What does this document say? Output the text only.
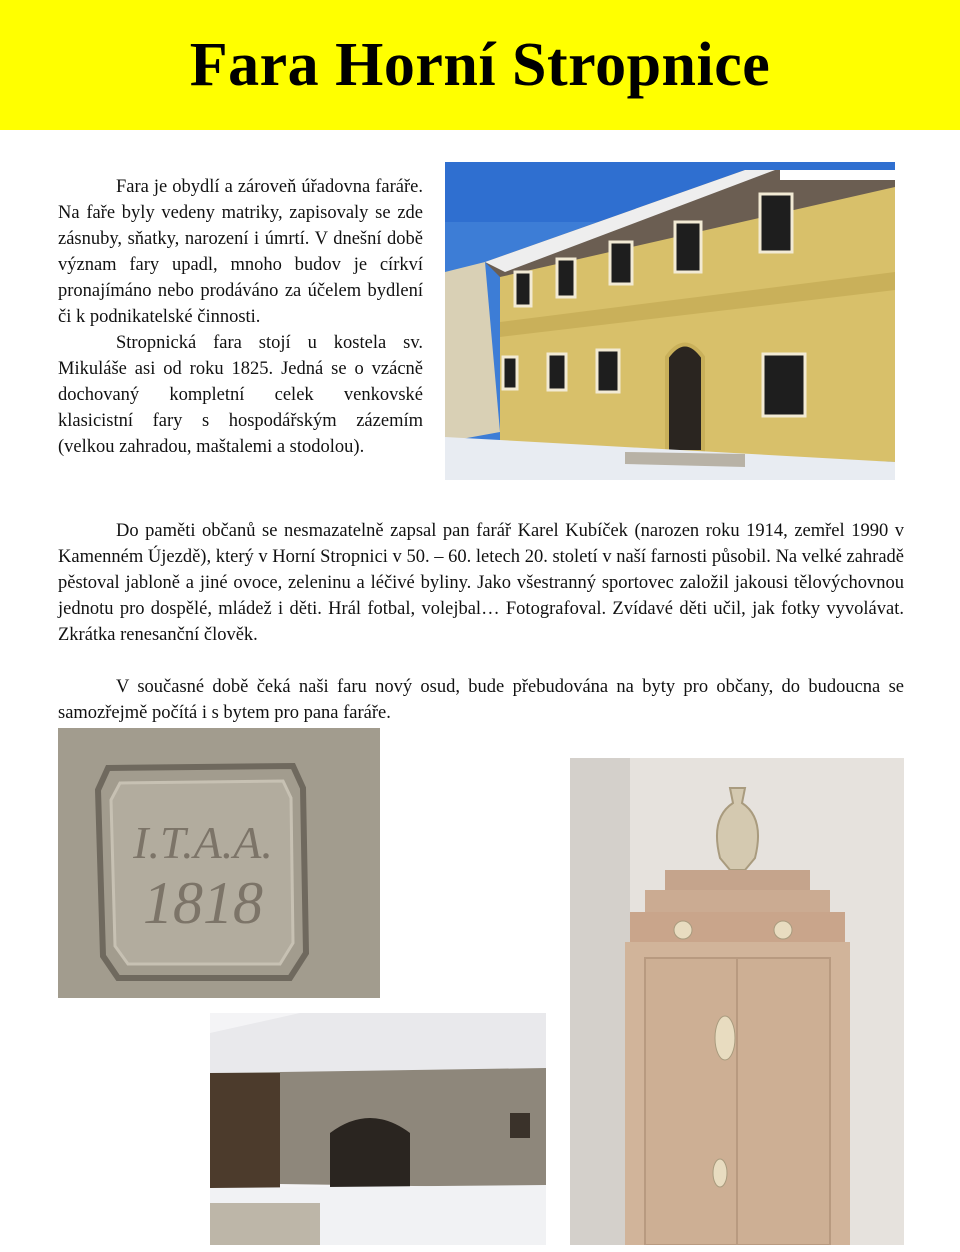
Fara Horní Stropnice

Fara je obydlí a zároveň úřadovna faráře. Na faře byly vedeny matriky, zapisovaly se zde zásnuby, sňatky, narození i úmrtí. V dnešní době význam fary upadl, mnoho budov je církví pronajímáno nebo prodáváno za účelem bydlení či k podnikatelské činnosti.

Stropnická fara stojí u kostela sv. Mikuláše asi od roku 1825. Jedná se o vzácně dochovaný kompletní celek venkovské klasicistní fary s hospodářským zázemím (velkou zahradou, maštalemi a stodolou).

Do paměti občanů se nesmazatelně zapsal pan farář Karel Kubíček (narozen roku 1914, zemřel 1990 v Kamenném Újezdě), který v Horní Stropnici v 50. – 60. letech 20. století v naší farnosti působil. Na velké zahradě pěstoval jabloně a jiné ovoce, zeleninu a léčivé byliny. Jako všestranný sportovec založil jakousi tělovýchovnou jednotu pro dospělé, mládež i děti. Hrál fotbal, volejbal… Fotografoval. Zvídavé děti učil, jak fotky vyvolávat. Zkrátka renesanční člověk.

V současné době čeká naši faru nový osud, bude přebudována na byty pro občany, do budoucna se samozřejmě počítá i s bytem pro pana faráře.

I.T.A.A.
1818
